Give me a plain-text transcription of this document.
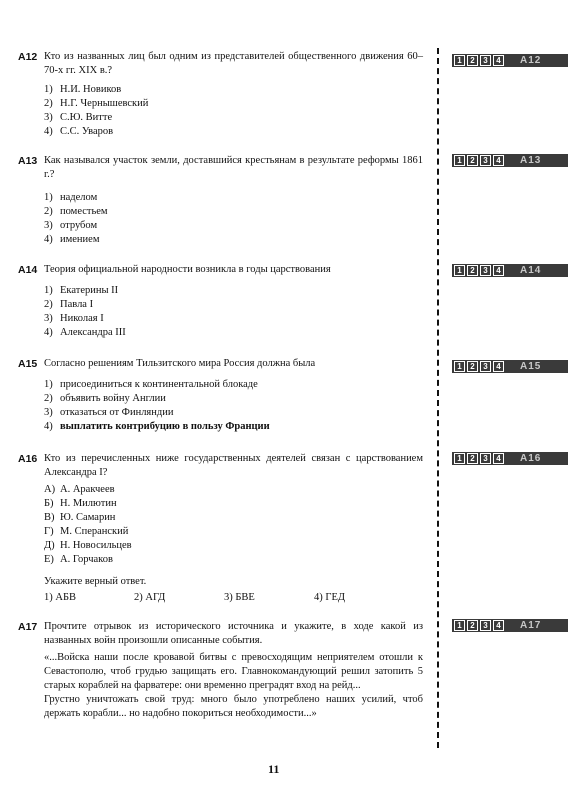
A12 Кто из названных лиц был одним из представителей общественного движения 60–70-х гг. XIX в.?
1) Н.И. Новиков
2) Н.Г. Чернышевский
3) С.Ю. Витте
4) С.С. Уваров
A13 Как назывался участок земли, доставшийся крестьянам в результате реформы 1861 г.?
1) наделом
2) поместьем
3) отрубом
4) имением
A14 Теория официальной народности возникла в годы царствования
1) Екатерины II
2) Павла I
3) Николая I
4) Александра III
A15 Согласно решениям Тильзитского мира Россия должна была
1) присоединиться к континентальной блокаде
2) объявить войну Англии
3) отказаться от Финляндии
4) выплатить контрибуцию в пользу Франции
A16 Кто из перечисленных ниже государственных деятелей связан с царствованием Александра I?
А) А. Аракчеев
Б) Н. Милютин
В) Ю. Самарин
Г) М. Сперанский
Д) Н. Новосильцев
Е) А. Горчаков
Укажите верный ответ.
1) АБВ	2) АГД	3) БВЕ	4) ГЕД
A17 Прочтите отрывок из исторического источника и укажите, в ходе какой из названных войн произошли описанные события.

«...Войска наши после кровавой битвы с превосходящим неприятелем отошли к Севастополю, чтоб грудью защищать его. Главнокомандующий решил затопить 5 старых кораблей на фарватере: они временно преградят вход на рейд...

Грустно уничтожать свой труд: много было употреблено наших усилий, чтоб держать корабли... но надобно покориться необходимости...»

1	2	3	4	A12
1	2	3	4	A13
1	2	3	4	A14
1	2	3	4	A15
1	2	3	4	A16
1	2	3	4	A17
11
